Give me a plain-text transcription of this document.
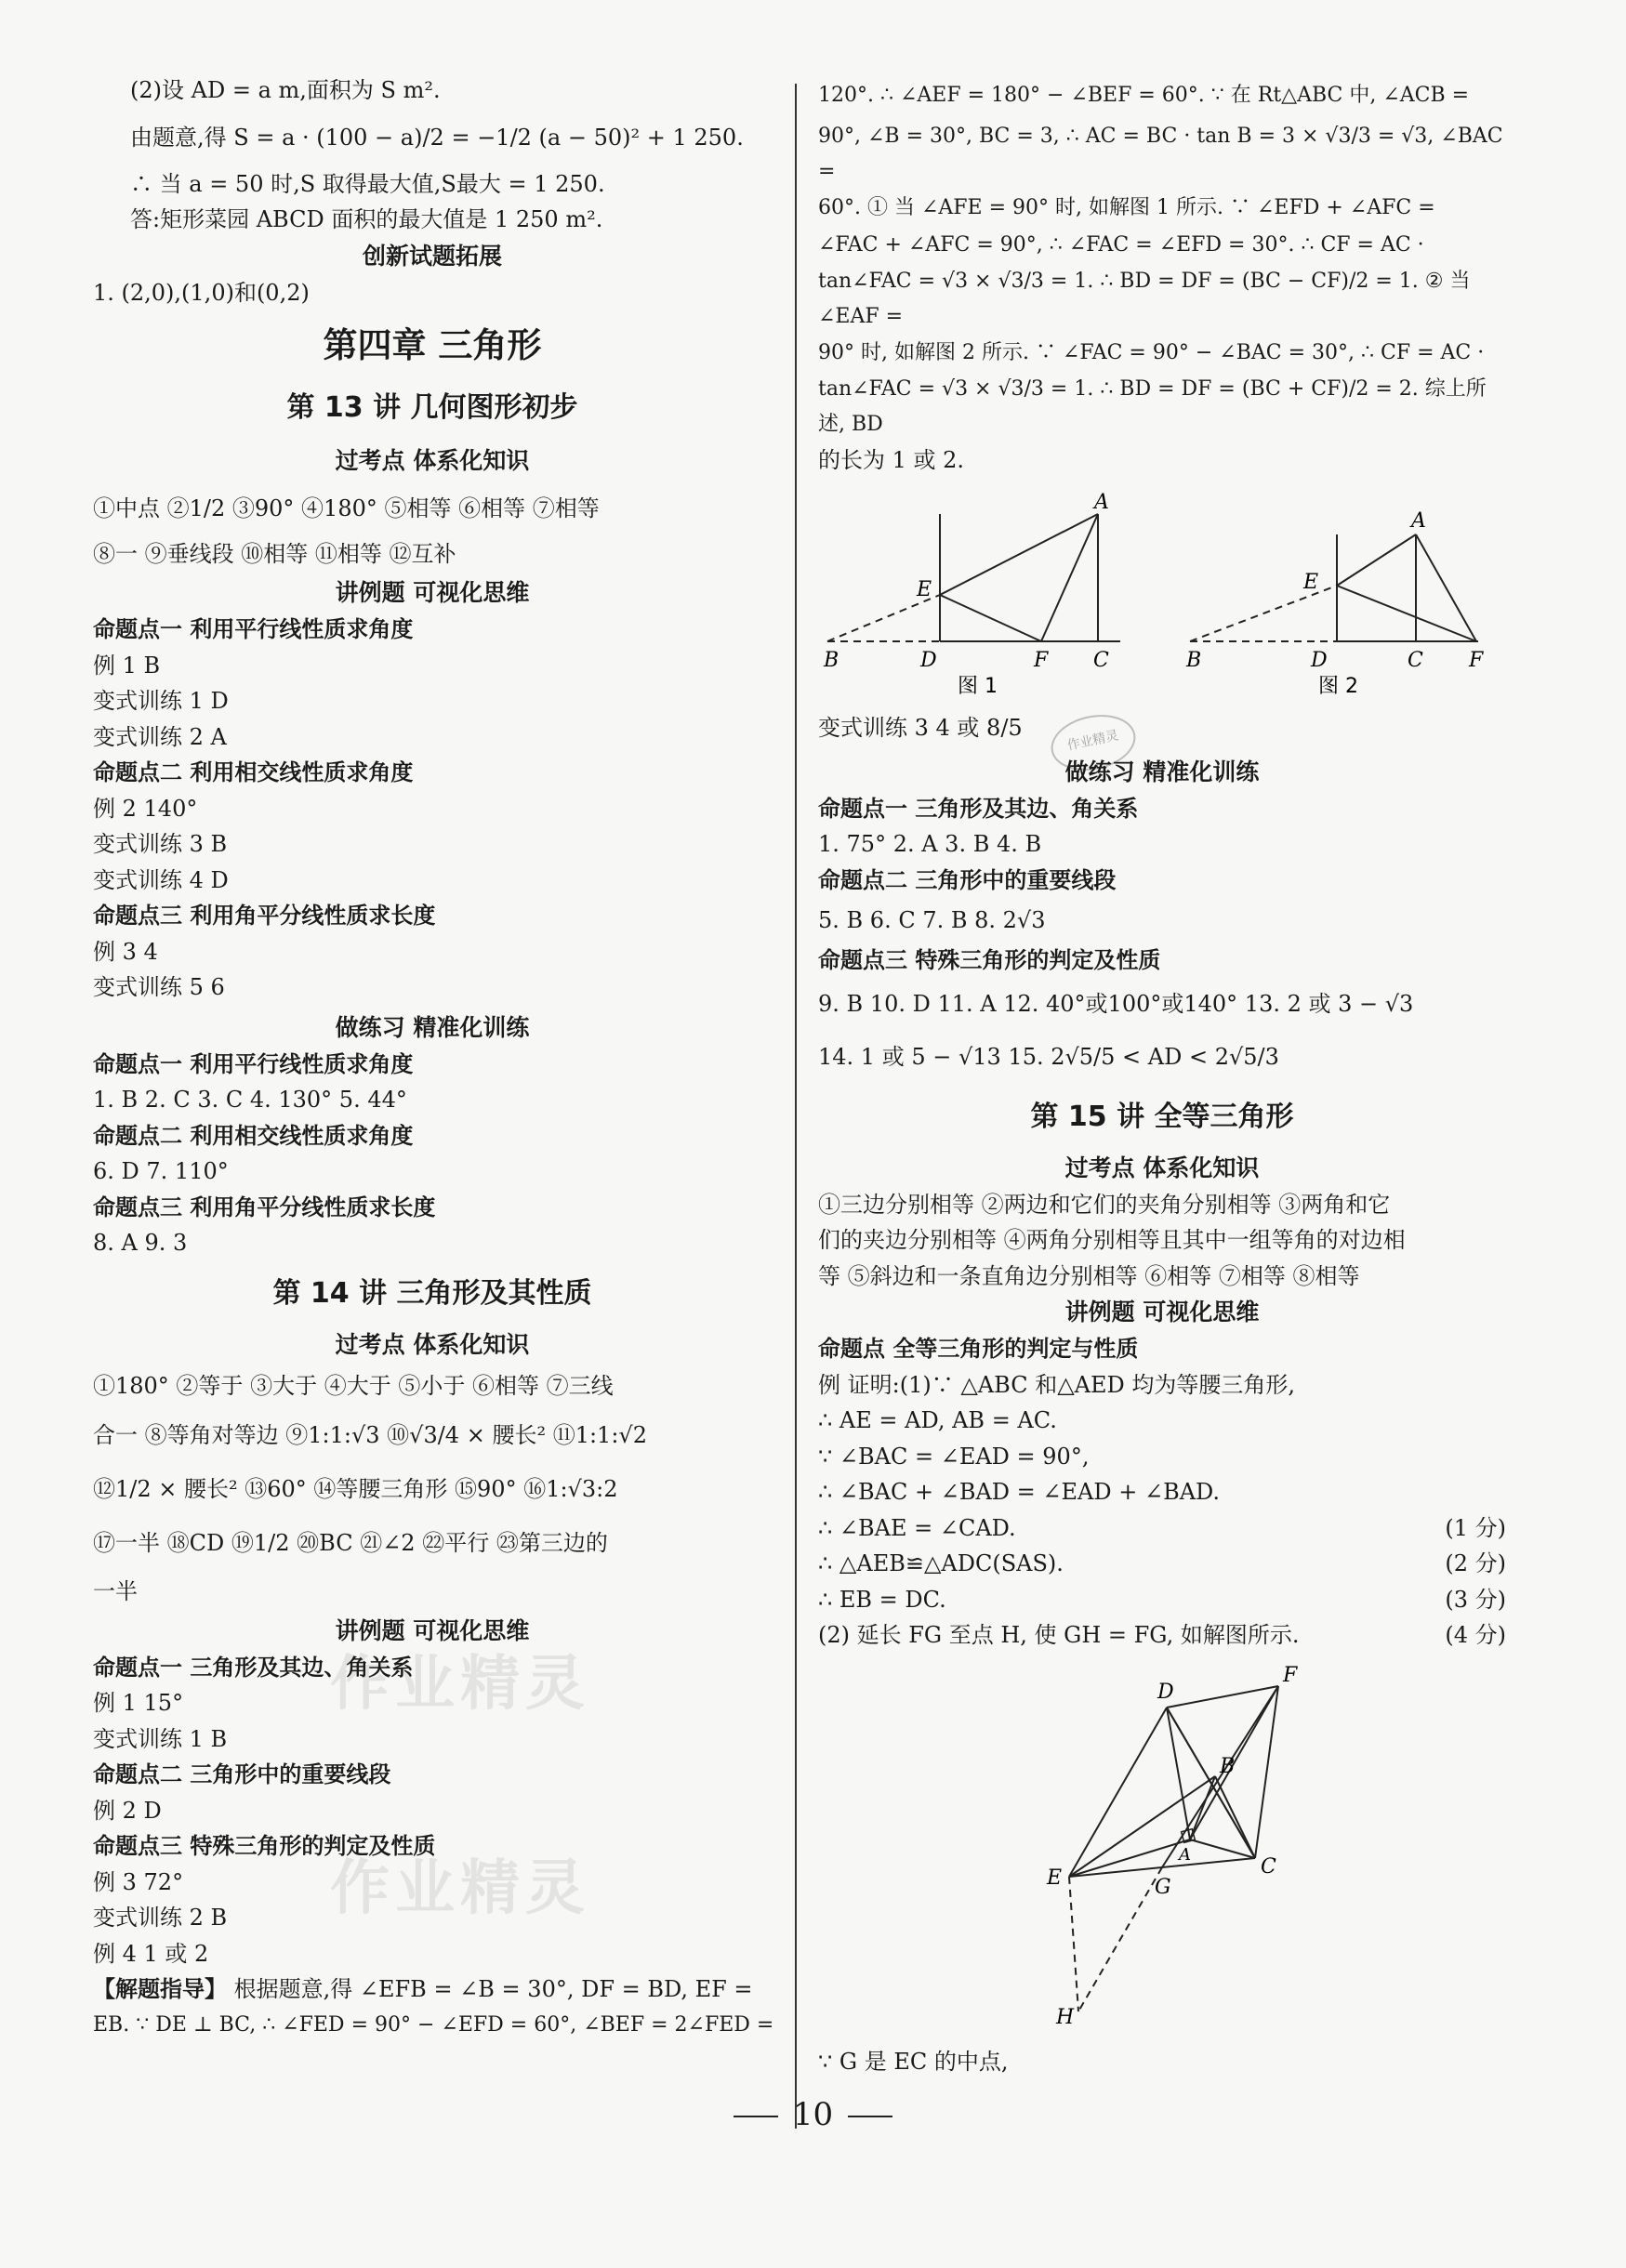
作业精灵
作业精灵
作业精灵
(2)设 AD = a m,面积为 S m².
由题意,得 S = a · (100 − a)/2 = −1/2 (a − 50)² + 1 250.
∴ 当 a = 50 时,S 取得最大值,S最大 = 1 250.
答:矩形菜园 ABCD 面积的最大值是 1 250 m².
创新试题拓展
1. (2,0),(1,0)和(0,2)
第四章 三角形
第 13 讲 几何图形初步
过考点 体系化知识
①中点 ②1/2 ③90° ④180° ⑤相等 ⑥相等 ⑦相等
⑧一 ⑨垂线段 ⑩相等 ⑪相等 ⑫互补
讲例题 可视化思维
命题点一 利用平行线性质求角度
例 1 B
变式训练 1 D
变式训练 2 A
命题点二 利用相交线性质求角度
例 2 140°
变式训练 3 B
变式训练 4 D
命题点三 利用角平分线性质求长度
例 3 4
变式训练 5 6
做练习 精准化训练
命题点一 利用平行线性质求角度
1. B 2. C 3. C 4. 130° 5. 44°
命题点二 利用相交线性质求角度
6. D 7. 110°
命题点三 利用角平分线性质求长度
8. A 9. 3
第 14 讲 三角形及其性质
过考点 体系化知识
①180° ②等于 ③大于 ④大于 ⑤小于 ⑥相等 ⑦三线
合一 ⑧等角对等边 ⑨1:1:√3 ⑩√3/4 × 腰长² ⑪1:1:√2
⑫1/2 × 腰长² ⑬60° ⑭等腰三角形 ⑮90° ⑯1:√3:2
⑰一半 ⑱CD ⑲1/2 ⑳BC ㉑∠2 ㉒平行 ㉓第三边的
一半
讲例题 可视化思维
命题点一 三角形及其边、角关系
例 1 15°
变式训练 1 B
命题点二 三角形中的重要线段
例 2 D
命题点三 特殊三角形的判定及性质
例 3 72°
变式训练 2 B
例 4 1 或 2
【解题指导】 根据题意,得 ∠EFB = ∠B = 30°, DF = BD, EF =
EB. ∵ DE ⊥ BC, ∴ ∠FED = 90° − ∠EFD = 60°, ∠BEF = 2∠FED =
120°. ∴ ∠AEF = 180° − ∠BEF = 60°. ∵ 在 Rt△ABC 中, ∠ACB =
90°, ∠B = 30°, BC = 3, ∴ AC = BC · tan B = 3 × √3/3 = √3, ∠BAC =
60°. ① 当 ∠AFE = 90° 时, 如解图 1 所示. ∵ ∠EFD + ∠AFC =
∠FAC + ∠AFC = 90°, ∴ ∠FAC = ∠EFD = 30°. ∴ CF = AC ·
tan∠FAC = √3 × √3/3 = 1. ∴ BD = DF = (BC − CF)/2 = 1. ② 当 ∠EAF =
90° 时, 如解图 2 所示. ∵ ∠FAC = 90° − ∠BAC = 30°, ∴ CF = AC ·
tan∠FAC = √3 × √3/3 = 1. ∴ BD = DF = (BC + CF)/2 = 2. 综上所述, BD
的长为 1 或 2.
A
E
B	D	F C
图 1
A
E
B	D	C F
图 2
变式训练 3 4 或 8/5
做练习 精准化训练
命题点一 三角形及其边、角关系
1. 75° 2. A 3. B 4. B
命题点二 三角形中的重要线段
5. B 6. C 7. B 8. 2√3
命题点三 特殊三角形的判定及性质
9. B 10. D 11. A 12. 40°或100°或140° 13. 2 或 3 − √3
14. 1 或 5 − √13 15. 2√5/5 < AD < 2√5/3
第 15 讲 全等三角形
过考点 体系化知识
①三边分别相等 ②两边和它们的夹角分别相等 ③两角和它
们的夹边分别相等 ④两角分别相等且其中一组等角的对边相
等 ⑤斜边和一条直角边分别相等 ⑥相等 ⑦相等 ⑧相等
讲例题 可视化思维
命题点 全等三角形的判定与性质
例 证明:(1)∵ △ABC 和△AED 均为等腰三角形,
∴ AE = AD, AB = AC.
∵ ∠BAC = ∠EAD = 90°,
∴ ∠BAC + ∠BAD = ∠EAD + ∠BAD.
∴ ∠BAE = ∠CAD.	(1 分)
∴ △AEB≌△ADC(SAS).	(2 分)
∴ EB = DC.	(3 分)
(2) 延长 FG 至点 H, 使 GH = FG, 如解图所示.	(4 分)
D
F
B
A
E	C
G
H
∵ G 是 EC 的中点,
10
